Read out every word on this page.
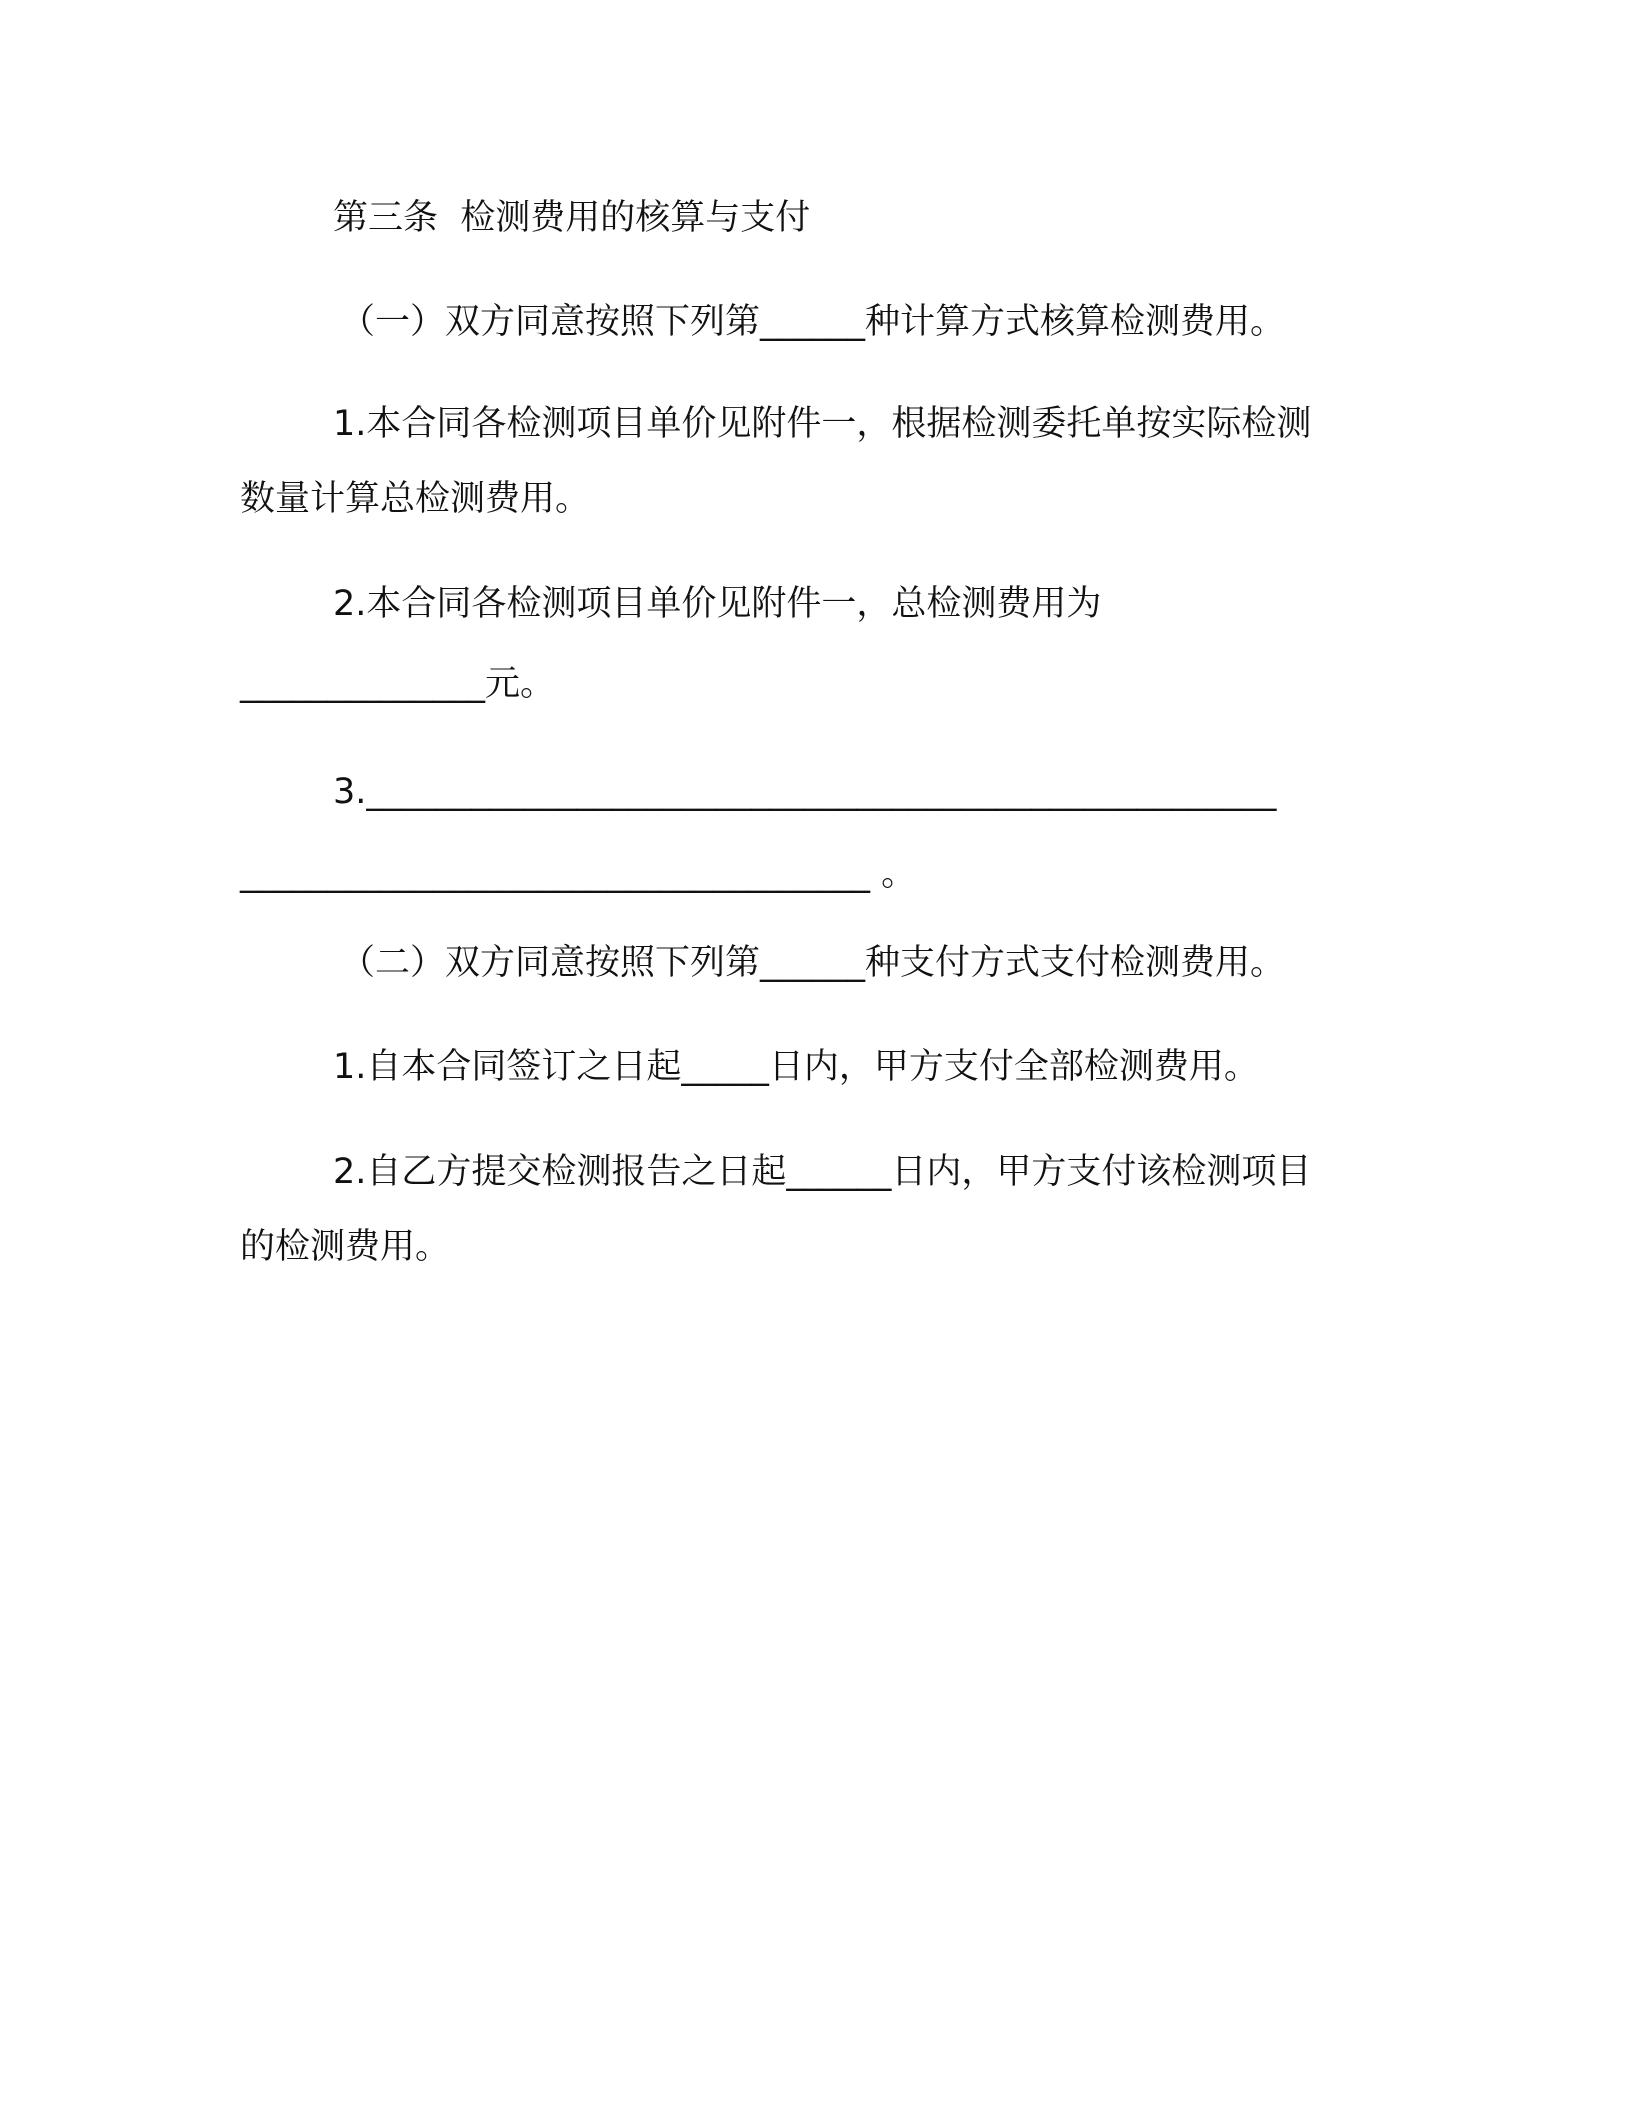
第三条  检测费用的核算与支付
（一）双方同意按照下列第______种计算方式核算检测费用。
1.本合同各检测项目单价见附件一，根据检测委托单按实际检测
数量计算总检测费用。
2.本合同各检测项目单价见附件一，总检测费用为
______________元。
3.____________________________________________________
____________________________________ 。
（二）双方同意按照下列第______种支付方式支付检测费用。
1.自本合同签订之日起_____日内，甲方支付全部检测费用。
2.自乙方提交检测报告之日起______日内，甲方支付该检测项目
的检测费用。
